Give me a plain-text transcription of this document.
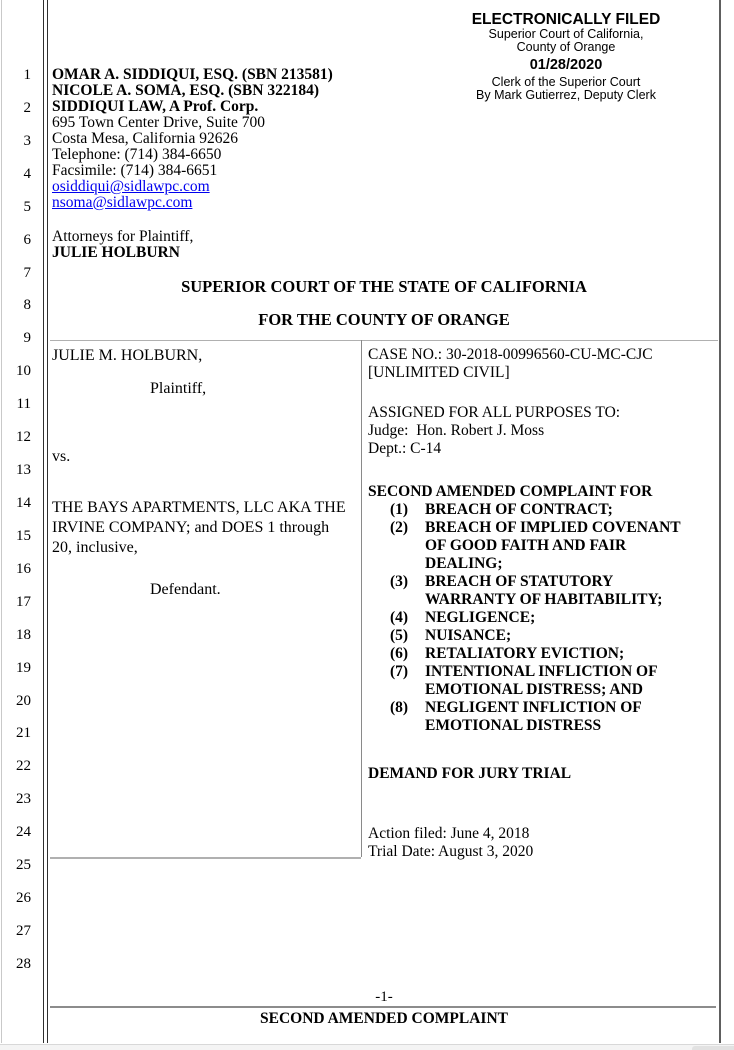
1
2
3
4
5
6
7
8
9
10
11
12
13
14
15
16
17
18
19
20
21
22
23
24
25
26
27
28
ELECTRONICALLY FILED
Superior Court of California,
County of Orange
01/28/2020
Clerk of the Superior Court
By Mark Gutierrez, Deputy Clerk
OMAR A. SIDDIQUI, ESQ. (SBN 213581)
NICOLE A. SOMA, ESQ. (SBN 322184)
SIDDIQUI LAW, A Prof. Corp.
695 Town Center Drive, Suite 700
Costa Mesa, California 92626
Telephone: (714) 384-6650
Facsimile: (714) 384-6651
osiddiqui@sidlawpc.com
nsoma@sidlawpc.com
Attorneys for Plaintiff,
JULIE HOLBURN
SUPERIOR COURT OF THE STATE OF CALIFORNIA
FOR THE COUNTY OF ORANGE
JULIE M. HOLBURN,
Plaintiff,
vs.
THE BAYS APARTMENTS, LLC AKA THE
IRVINE COMPANY; and DOES 1 through
20, inclusive,
Defendant.
CASE NO.: 30-2018-00996560-CU-MC-CJC
[UNLIMITED CIVIL]
ASSIGNED FOR ALL PURPOSES TO:
Judge:  Hon. Robert J. Moss
Dept.: C-14
SECOND AMENDED COMPLAINT FOR
(1)	BREACH OF CONTRACT;
(2)	BREACH OF IMPLIED COVENANT
OF GOOD FAITH AND FAIR
DEALING;
(3)	BREACH OF STATUTORY
WARRANTY OF HABITABILITY;
(4)	NEGLIGENCE;
(5)	NUISANCE;
(6)	RETALIATORY EVICTION;
(7)	INTENTIONAL INFLICTION OF
EMOTIONAL DISTRESS; AND
(8)	NEGLIGENT INFLICTION OF
EMOTIONAL DISTRESS
DEMAND FOR JURY TRIAL
Action filed: June 4, 2018
Trial Date: August 3, 2020
-1-
SECOND AMENDED COMPLAINT
